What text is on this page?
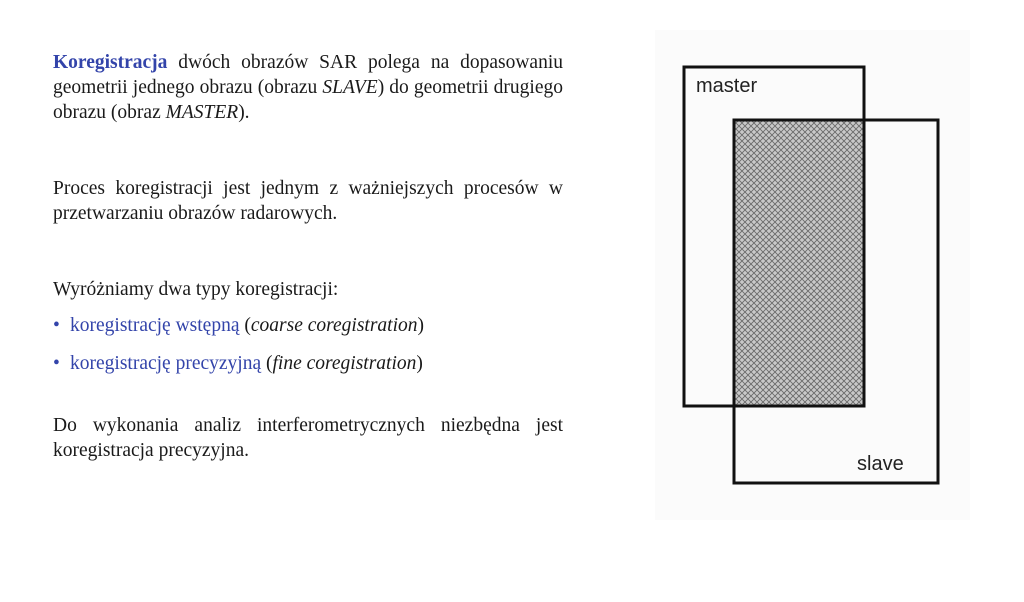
Koregistracja dwóch obrazów SAR polega na dopasowaniu geometrii jednego obrazu (obrazu SLAVE) do geometrii drugiego obrazu (obraz MASTER).

Proces koregistracji jest jednym z ważniejszych procesów w przetwarzaniu obrazów radarowych.

Wyróżniamy dwa typy koregistracji:

• koregistrację wstępną (coarse coregistration)
• koregistrację precyzyjną (fine coregistration)

Do wykonania analiz interferometrycznych niezbędna jest koregistracja precyzyjna.

master
slave
